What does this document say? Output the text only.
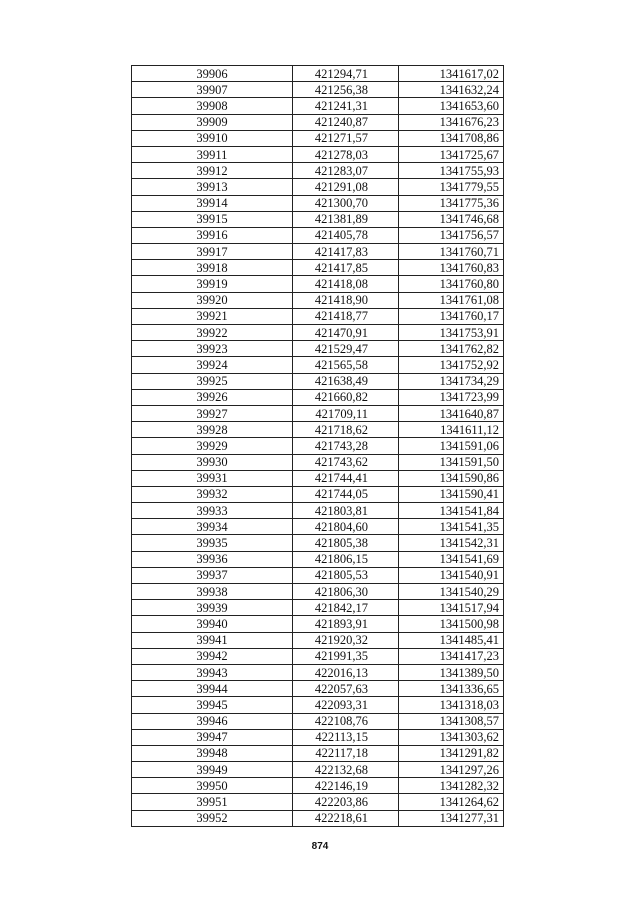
39906	421294,71	1341617,02
39907	421256,38	1341632,24
39908	421241,31	1341653,60
39909	421240,87	1341676,23
39910	421271,57	1341708,86
39911	421278,03	1341725,67
39912	421283,07	1341755,93
39913	421291,08	1341779,55
39914	421300,70	1341775,36
39915	421381,89	1341746,68
39916	421405,78	1341756,57
39917	421417,83	1341760,71
39918	421417,85	1341760,83
39919	421418,08	1341760,80
39920	421418,90	1341761,08
39921	421418,77	1341760,17
39922	421470,91	1341753,91
39923	421529,47	1341762,82
39924	421565,58	1341752,92
39925	421638,49	1341734,29
39926	421660,82	1341723,99
39927	421709,11	1341640,87
39928	421718,62	1341611,12
39929	421743,28	1341591,06
39930	421743,62	1341591,50
39931	421744,41	1341590,86
39932	421744,05	1341590,41
39933	421803,81	1341541,84
39934	421804,60	1341541,35
39935	421805,38	1341542,31
39936	421806,15	1341541,69
39937	421805,53	1341540,91
39938	421806,30	1341540,29
39939	421842,17	1341517,94
39940	421893,91	1341500,98
39941	421920,32	1341485,41
39942	421991,35	1341417,23
39943	422016,13	1341389,50
39944	422057,63	1341336,65
39945	422093,31	1341318,03
39946	422108,76	1341308,57
39947	422113,15	1341303,62
39948	422117,18	1341291,82
39949	422132,68	1341297,26
39950	422146,19	1341282,32
39951	422203,86	1341264,62
39952	422218,61	1341277,31
874
